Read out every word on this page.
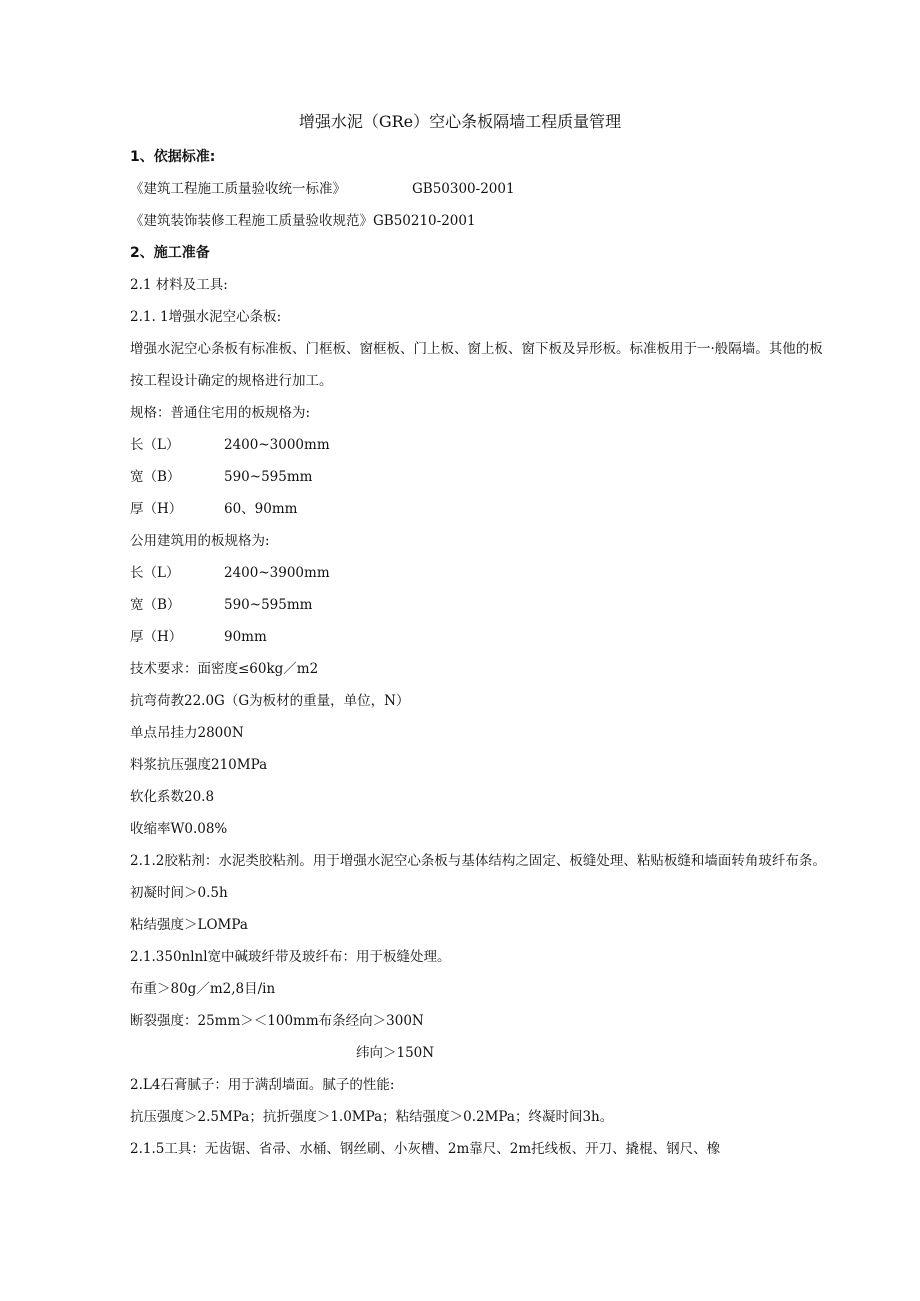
增强水泥（GRe）空心条板隔墙工程质量管理
1、依据标准:
《建筑工程施工质量验收统一标准》	GB50300-2001
《建筑装饰装修工程施工质量验收规范》GB50210-2001
2、施工准备
2.1 材料及工具:
2.1. 1增强水泥空心条板:
增强水泥空心条板有标准板、门框板、窗框板、门上板、窗上板、窗下板及异形板。标准板用于一·般隔墙。其他的板按工程设计确定的规格进行加工。
规格：普通住宅用的板规格为:
长（L）	2400~3000mm
宽（B）	590~595mm
厚（H）	60、90mm
公用建筑用的板规格为:
长（L）	2400~3900mm
宽（B）	590~595mm
厚（H）	90mm
技术要求：面密度≤60kg／m2
抗弯荷教22.0G（G为板材的重量，单位，N）
单点吊挂力2800N
料浆抗压强度210MPa
软化系数20.8
收缩率W0.08%
2.1.2胶粘剂：水泥类胶粘剂。用于增强水泥空心条板与基体结构之固定、板缝处理、粘贴板缝和墙面转角玻纤布条。
初凝时间＞0.5h
粘结强度＞LOMPa
2.1.350nlnl宽中碱玻纤带及玻纤布：用于板缝处理。
布重＞80g／m2,8目/in
断裂强度：25mm＞＜100mm布条经向＞300N
纬向＞150N
2.L4石膏腻子：用于满刮墙面。腻子的性能:
抗压强度＞2.5MPa；抗折强度＞1.0MPa；粘结强度＞0.2MPa；终凝时间3h。
2.1.5工具：无齿锯、省帚、水桶、钢丝刷、小灰槽、2m靠尺、2m托线板、开刀、撬棍、钢尺、橡
